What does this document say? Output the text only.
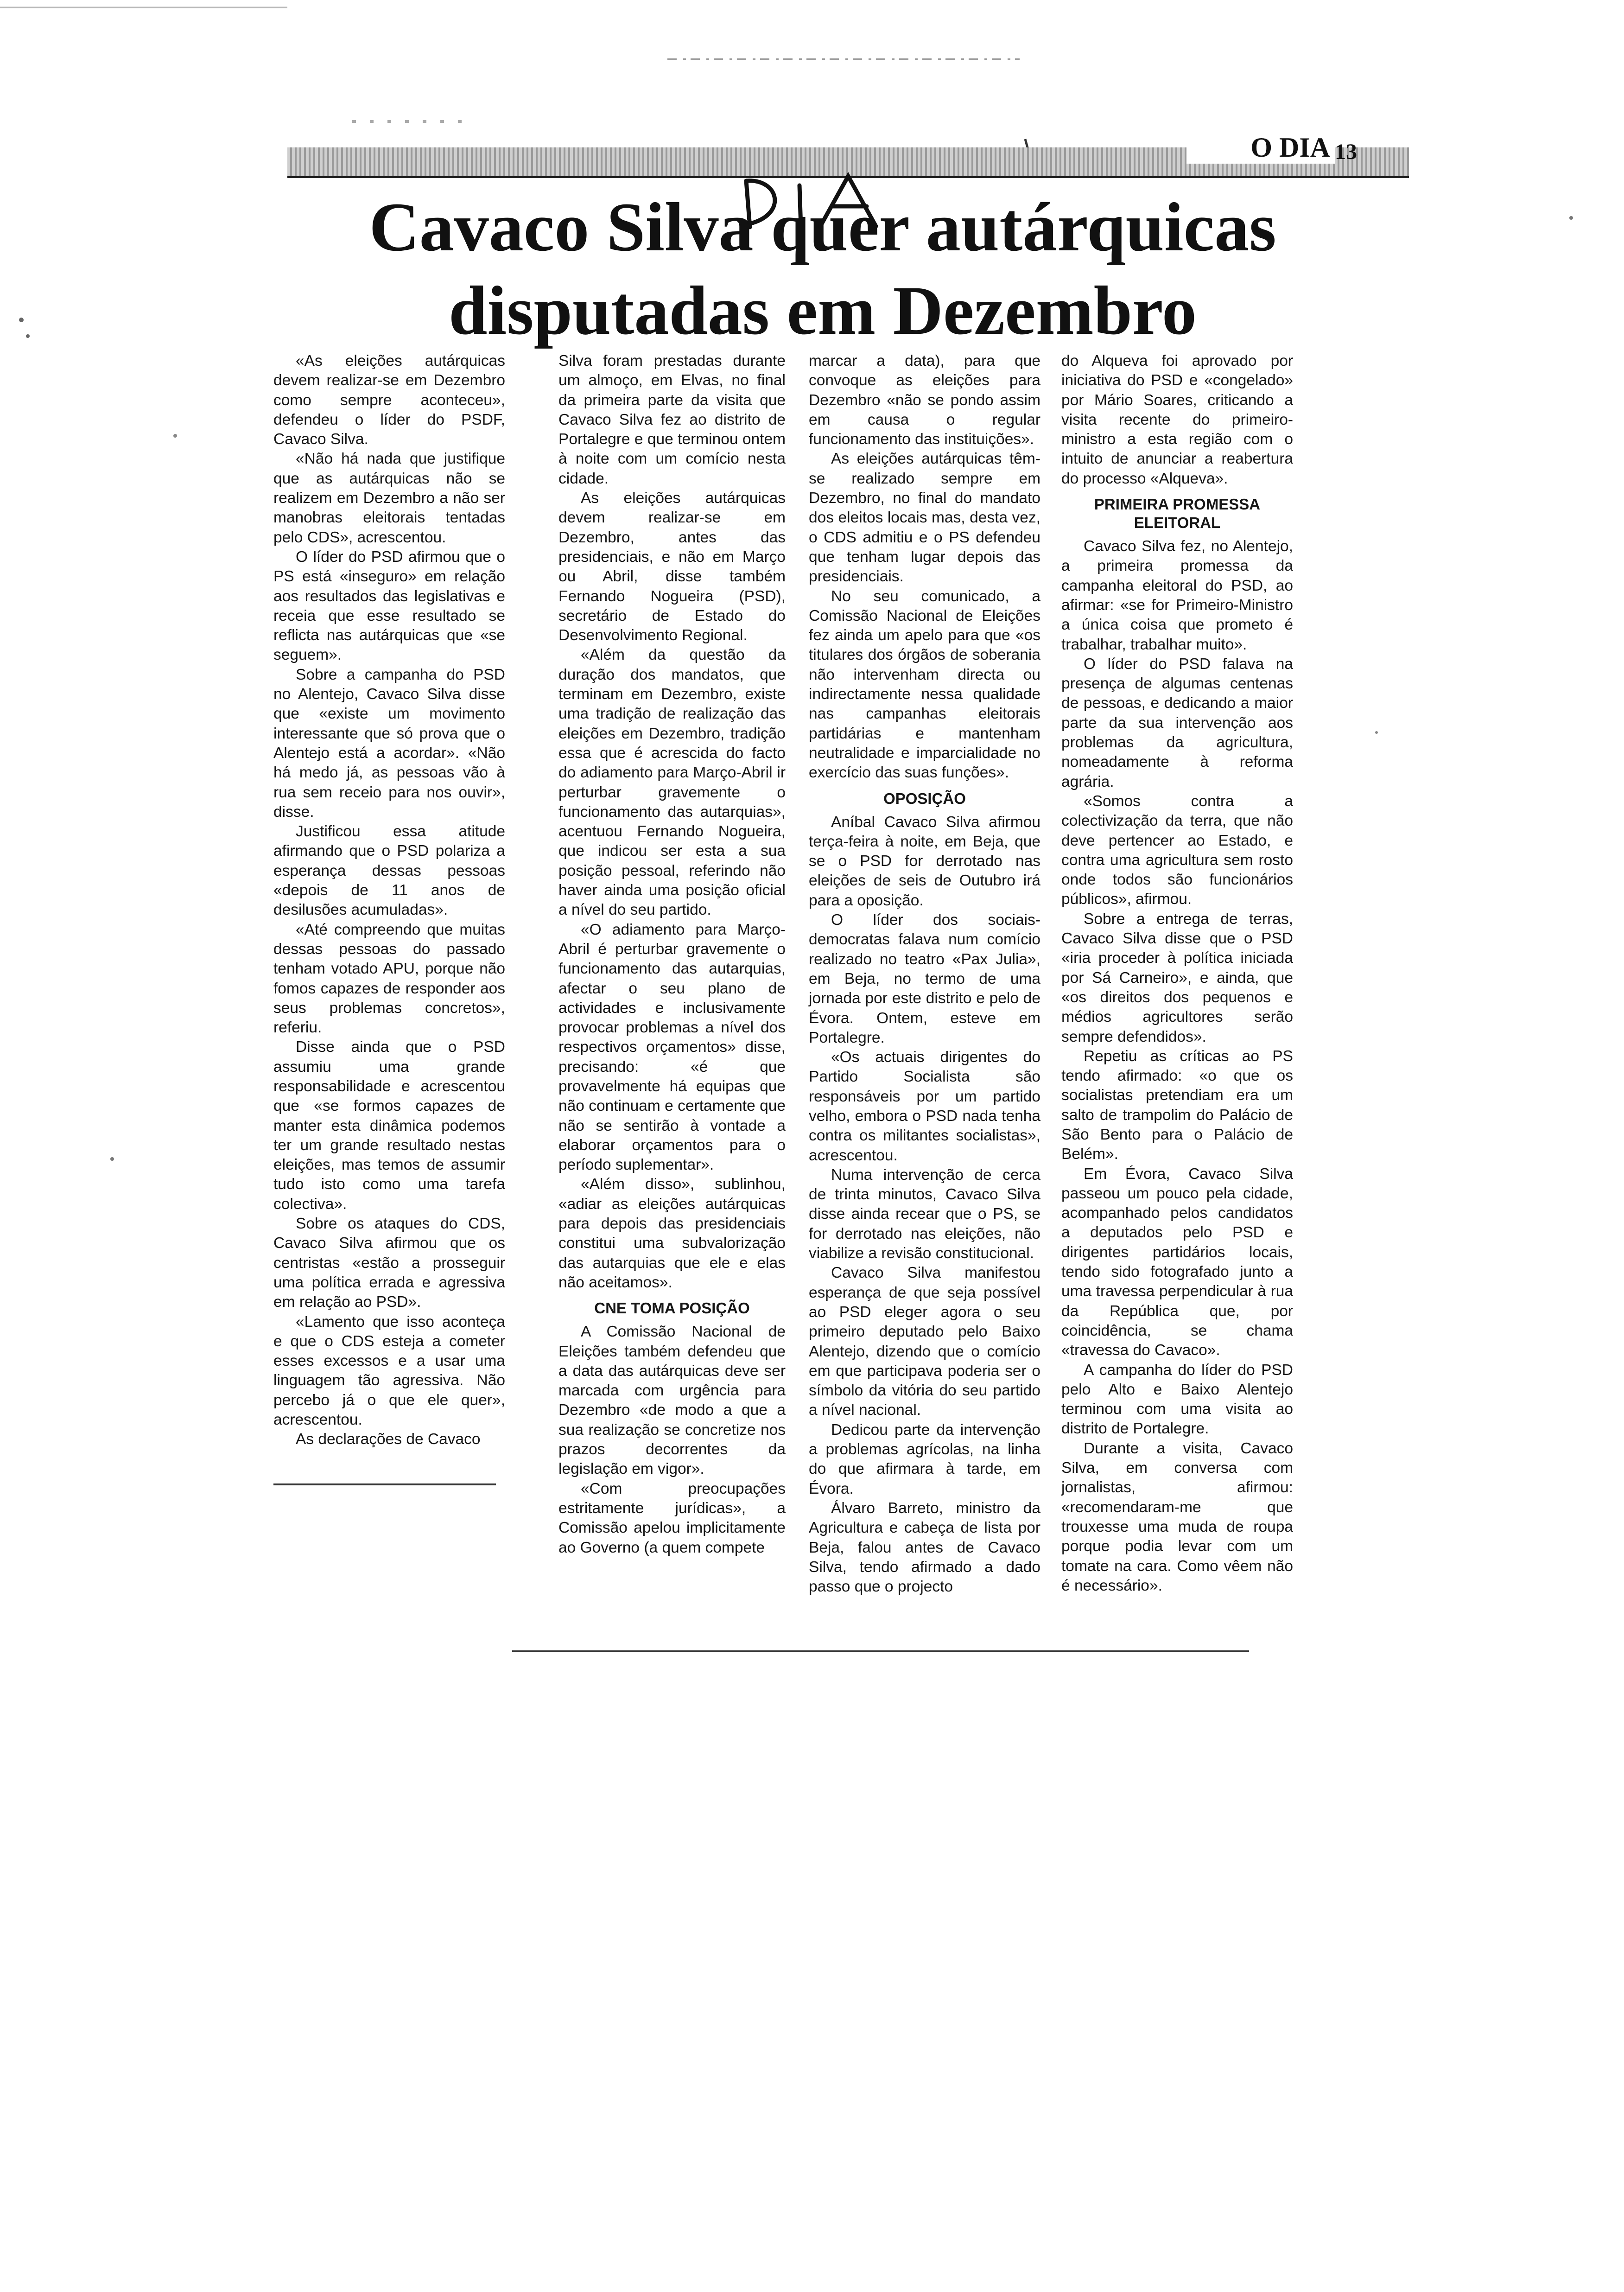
O DIA 13
Cavaco Silva quer autárquicas
disputadas em Dezembro

«As eleições autárquicas devem realizar-se em Dezembro como sempre aconteceu», defendeu o líder do PSDF, Cavaco Silva.

«Não há nada que justifique que as autárquicas não se realizem em Dezembro a não ser manobras eleitorais tentadas pelo CDS», acrescentou.

O líder do PSD afirmou que o PS está «inseguro» em relação aos resultados das legislativas e receia que esse resultado se reflicta nas autárquicas que «se seguem».

Sobre a campanha do PSD no Alentejo, Cavaco Silva disse que «existe um movimento interessante que só prova que o Alentejo está a acordar». «Não há medo já, as pessoas vão à rua sem receio para nos ouvir», disse.

Justificou essa atitude afirmando que o PSD polariza a esperança dessas pessoas «depois de 11 anos de desilusões acumuladas».

«Até compreendo que muitas dessas pessoas do passado tenham votado APU, porque não fomos capazes de responder aos seus problemas concretos», referiu.

Disse ainda que o PSD assumiu uma grande responsabilidade e acrescentou que «se formos capazes de manter esta dinâmica podemos ter um grande resultado nestas eleições, mas temos de assumir tudo isto como uma tarefa colectiva».

Sobre os ataques do CDS, Cavaco Silva afirmou que os centristas «estão a prosseguir uma política errada e agressiva em relação ao PSD».

«Lamento que isso aconteça e que o CDS esteja a cometer esses excessos e a usar uma linguagem tão agressiva. Não percebo já o que ele quer», acrescentou.

As declarações de Cavaco

Silva foram prestadas durante um almoço, em Elvas, no final da primeira parte da visita que Cavaco Silva fez ao distrito de Portalegre e que terminou ontem à noite com um comício nesta cidade.

As eleições autárquicas devem realizar-se em Dezembro, antes das presidenciais, e não em Março ou Abril, disse também Fernando Nogueira (PSD), secretário de Estado do Desenvolvimento Regional.

«Além da questão da duração dos mandatos, que terminam em Dezembro, existe uma tradição de realização das eleições em Dezembro, tradição essa que é acrescida do facto do adiamento para Março-Abril ir perturbar gravemente o funcionamento das autarquias», acentuou Fernando Nogueira, que indicou ser esta a sua posição pessoal, referindo não haver ainda uma posição oficial a nível do seu partido.

«O adiamento para Março-Abril é perturbar gravemente o funcionamento das autarquias, afectar o seu plano de actividades e inclusivamente provocar problemas a nível dos respectivos orçamentos» disse, precisando: «é que provavelmente há equipas que não continuam e certamente que não se sentirão à vontade a elaborar orçamentos para o período suplementar».

«Além disso», sublinhou, «adiar as eleições autárquicas para depois das presidenciais constitui uma subvalorização das autarquias que ele e elas não aceitamos».

CNE TOMA POSIÇÃO

A Comissão Nacional de Eleições também defendeu que a data das autárquicas deve ser marcada com urgência para Dezembro «de modo a que a sua realização se concretize nos prazos decorrentes da legislação em vigor».

«Com preocupações estritamente jurídicas», a Comissão apelou implicitamente ao Governo (a quem compete

marcar a data), para que convoque as eleições para Dezembro «não se pondo assim em causa o regular funcionamento das instituições».

As eleições autárquicas têm-se realizado sempre em Dezembro, no final do mandato dos eleitos locais mas, desta vez, o CDS admitiu e o PS defendeu que tenham lugar depois das presidenciais.

No seu comunicado, a Comissão Nacional de Eleições fez ainda um apelo para que «os titulares dos órgãos de soberania não intervenham directa ou indirectamente nessa qualidade nas campanhas eleitorais partidárias e mantenham neutralidade e imparcialidade no exercício das suas funções».

OPOSIÇÃO

Aníbal Cavaco Silva afirmou terça-feira à noite, em Beja, que se o PSD for derrotado nas eleições de seis de Outubro irá para a oposição.

O líder dos sociais-democratas falava num comício realizado no teatro «Pax Julia», em Beja, no termo de uma jornada por este distrito e pelo de Évora. Ontem, esteve em Portalegre.

«Os actuais dirigentes do Partido Socialista são responsáveis por um partido velho, embora o PSD nada tenha contra os militantes socialistas», acrescentou.

Numa intervenção de cerca de trinta minutos, Cavaco Silva disse ainda recear que o PS, se for derrotado nas eleições, não viabilize a revisão constitucional.

Cavaco Silva manifestou esperança de que seja possível ao PSD eleger agora o seu primeiro deputado pelo Baixo Alentejo, dizendo que o comício em que participava poderia ser o símbolo da vitória do seu partido a nível nacional.

Dedicou parte da intervenção a problemas agrícolas, na linha do que afirmara à tarde, em Évora.

Álvaro Barreto, ministro da Agricultura e cabeça de lista por Beja, falou antes de Cavaco Silva, tendo afirmado a dado passo que o projecto

do Alqueva foi aprovado por iniciativa do PSD e «congelado» por Mário Soares, criticando a visita recente do primeiro-ministro a esta região com o intuito de anunciar a reabertura do processo «Alqueva».

PRIMEIRA PROMESSA ELEITORAL

Cavaco Silva fez, no Alentejo, a primeira promessa da campanha eleitoral do PSD, ao afirmar: «se for Primeiro-Ministro a única coisa que prometo é trabalhar, trabalhar muito».

O líder do PSD falava na presença de algumas centenas de pessoas, e dedicando a maior parte da sua intervenção aos problemas da agricultura, nomeadamente à reforma agrária.

«Somos contra a colectivização da terra, que não deve pertencer ao Estado, e contra uma agricultura sem rosto onde todos são funcionários públicos», afirmou.

Sobre a entrega de terras, Cavaco Silva disse que o PSD «iria proceder à política iniciada por Sá Carneiro», e ainda, que «os direitos dos pequenos e médios agricultores serão sempre defendidos».

Repetiu as críticas ao PS tendo afirmado: «o que os socialistas pretendiam era um salto de trampolim do Palácio de São Bento para o Palácio de Belém».

Em Évora, Cavaco Silva passeou um pouco pela cidade, acompanhado pelos candidatos a deputados pelo PSD e dirigentes partidários locais, tendo sido fotografado junto a uma travessa perpendicular à rua da República que, por coincidência, se chama «travessa do Cavaco».

A campanha do líder do PSD pelo Alto e Baixo Alentejo terminou com uma visita ao distrito de Portalegre.

Durante a visita, Cavaco Silva, em conversa com jornalistas, afirmou: «recomendaram-me que trouxesse uma muda de roupa porque podia levar com um tomate na cara. Como vêem não é necessário».
